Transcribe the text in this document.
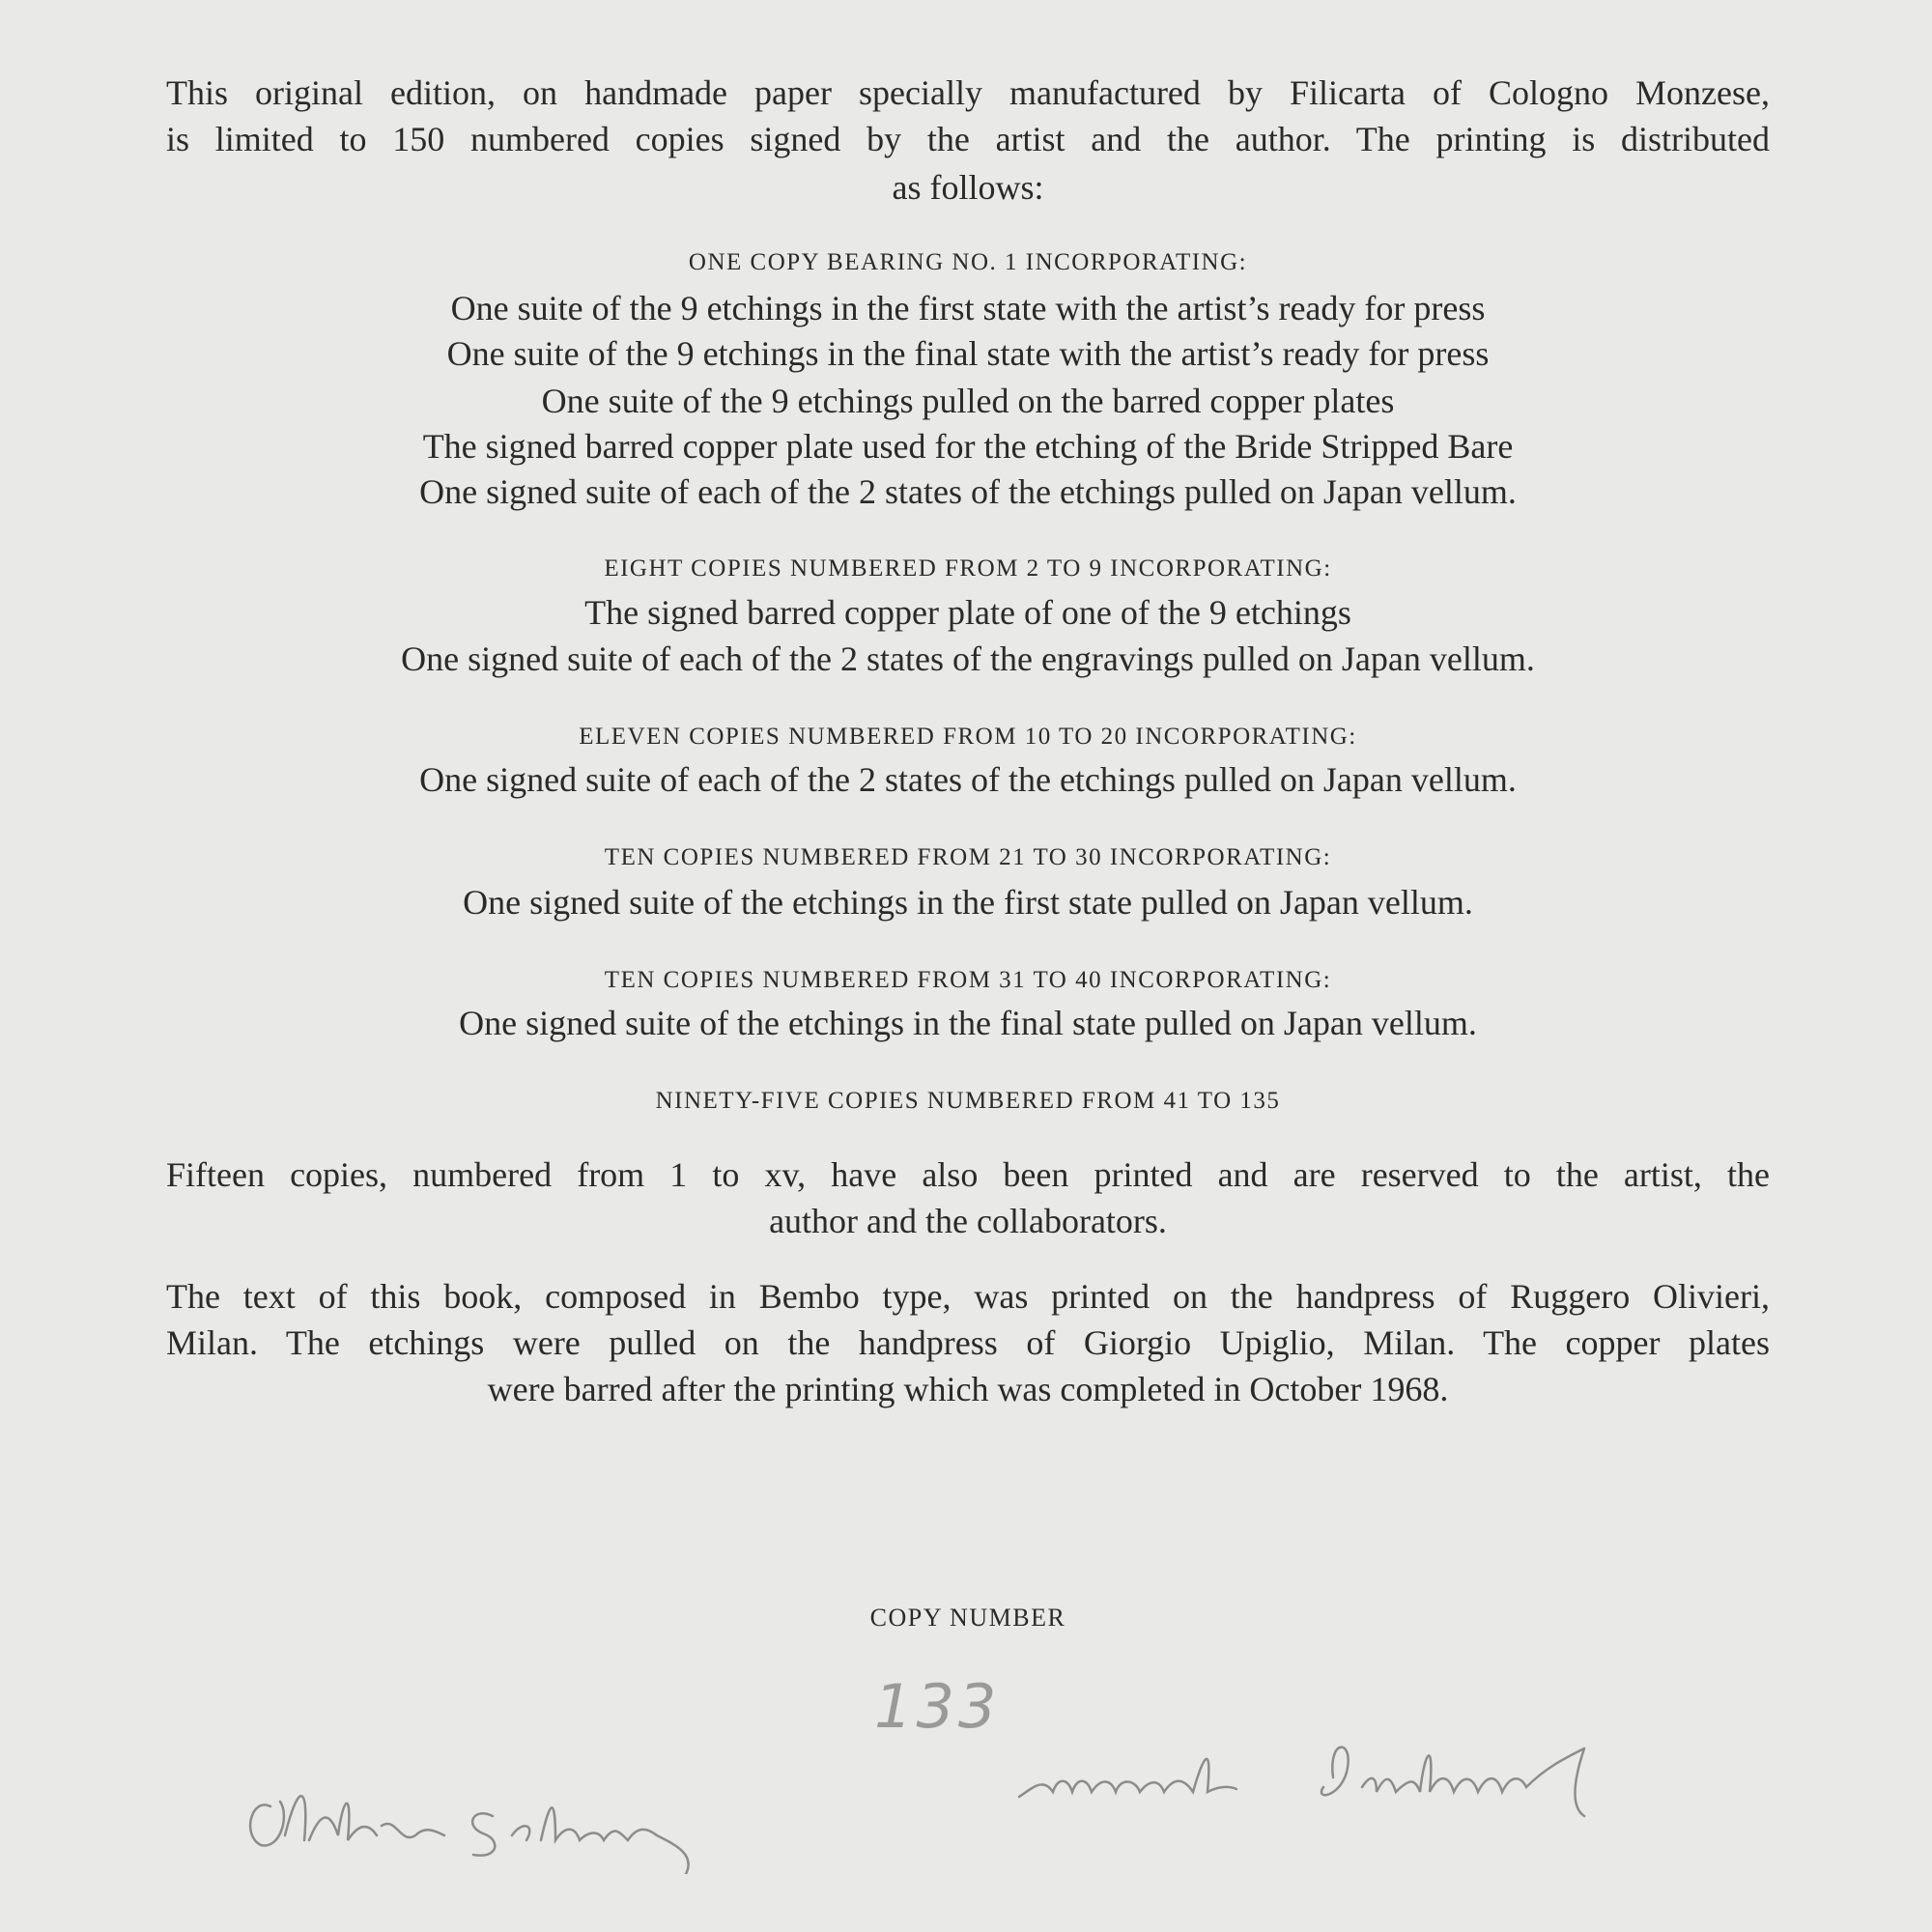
This original edition, on handmade paper specially manufactured by Filicarta of Cologno Monzese,
is limited to 150 numbered copies signed by the artist and the author. The printing is distributed
as follows:
ONE COPY BEARING NO. 1 INCORPORATING:
One suite of the 9 etchings in the first state with the artist’s ready for press
One suite of the 9 etchings in the final state with the artist’s ready for press
One suite of the 9 etchings pulled on the barred copper plates
The signed barred copper plate used for the etching of the Bride Stripped Bare
One signed suite of each of the 2 states of the etchings pulled on Japan vellum.
EIGHT COPIES NUMBERED FROM 2 TO 9 INCORPORATING:
The signed barred copper plate of one of the 9 etchings
One signed suite of each of the 2 states of the engravings pulled on Japan vellum.
ELEVEN COPIES NUMBERED FROM 10 TO 20 INCORPORATING:
One signed suite of each of the 2 states of the etchings pulled on Japan vellum.
TEN COPIES NUMBERED FROM 21 TO 30 INCORPORATING:
One signed suite of the etchings in the first state pulled on Japan vellum.
TEN COPIES NUMBERED FROM 31 TO 40 INCORPORATING:
One signed suite of the etchings in the final state pulled on Japan vellum.
NINETY-FIVE COPIES NUMBERED FROM 41 TO 135
Fifteen copies, numbered from 1 to xv, have also been printed and are reserved to the artist, the
author and the collaborators.
The text of this book, composed in Bembo type, was printed on the handpress of Ruggero Olivieri,
Milan. The etchings were pulled on the handpress of Giorgio Upiglio, Milan. The copper plates
were barred after the printing which was completed in October 1968.
COPY NUMBER
133
